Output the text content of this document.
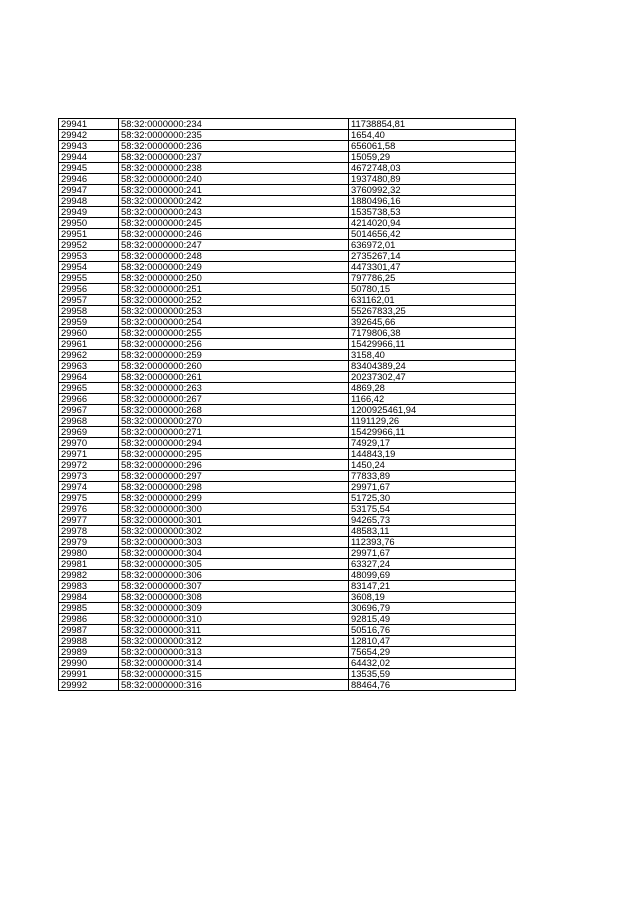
29941	58:32:0000000:234	11738854,81
29942	58:32:0000000:235	1654,40
29943	58:32:0000000:236	656061,58
29944	58:32:0000000:237	15059,29
29945	58:32:0000000:238	4672748,03
29946	58:32:0000000:240	1937480,89
29947	58:32:0000000:241	3760992,32
29948	58:32:0000000:242	1880496,16
29949	58:32:0000000:243	1535738,53
29950	58:32:0000000:245	4214020,94
29951	58:32:0000000:246	5014656,42
29952	58:32:0000000:247	636972,01
29953	58:32:0000000:248	2735267,14
29954	58:32:0000000:249	4473301,47
29955	58:32:0000000:250	797786,25
29956	58:32:0000000:251	50780,15
29957	58:32:0000000:252	631162,01
29958	58:32:0000000:253	55267833,25
29959	58:32:0000000:254	392645,66
29960	58:32:0000000:255	7179806,38
29961	58:32:0000000:256	15429966,11
29962	58:32:0000000:259	3158,40
29963	58:32:0000000:260	83404389,24
29964	58:32:0000000:261	20237302,47
29965	58:32:0000000:263	4869,28
29966	58:32:0000000:267	1166,42
29967	58:32:0000000:268	1200925461,94
29968	58:32:0000000:270	1191129,26
29969	58:32:0000000:271	15429966,11
29970	58:32:0000000:294	74929,17
29971	58:32:0000000:295	144843,19
29972	58:32:0000000:296	1450,24
29973	58:32:0000000:297	77833,89
29974	58:32:0000000:298	29971,67
29975	58:32:0000000:299	51725,30
29976	58:32:0000000:300	53175,54
29977	58:32:0000000:301	94265,73
29978	58:32:0000000:302	48583,11
29979	58:32:0000000:303	112393,76
29980	58:32:0000000:304	29971,67
29981	58:32:0000000:305	63327,24
29982	58:32:0000000:306	48099,69
29983	58:32:0000000:307	83147,21
29984	58:32:0000000:308	3608,19
29985	58:32:0000000:309	30696,79
29986	58:32:0000000:310	92815,49
29987	58:32:0000000:311	50516,76
29988	58:32:0000000:312	12810,47
29989	58:32:0000000:313	75654,29
29990	58:32:0000000:314	64432,02
29991	58:32:0000000:315	13535,59
29992	58:32:0000000:316	88464,76
